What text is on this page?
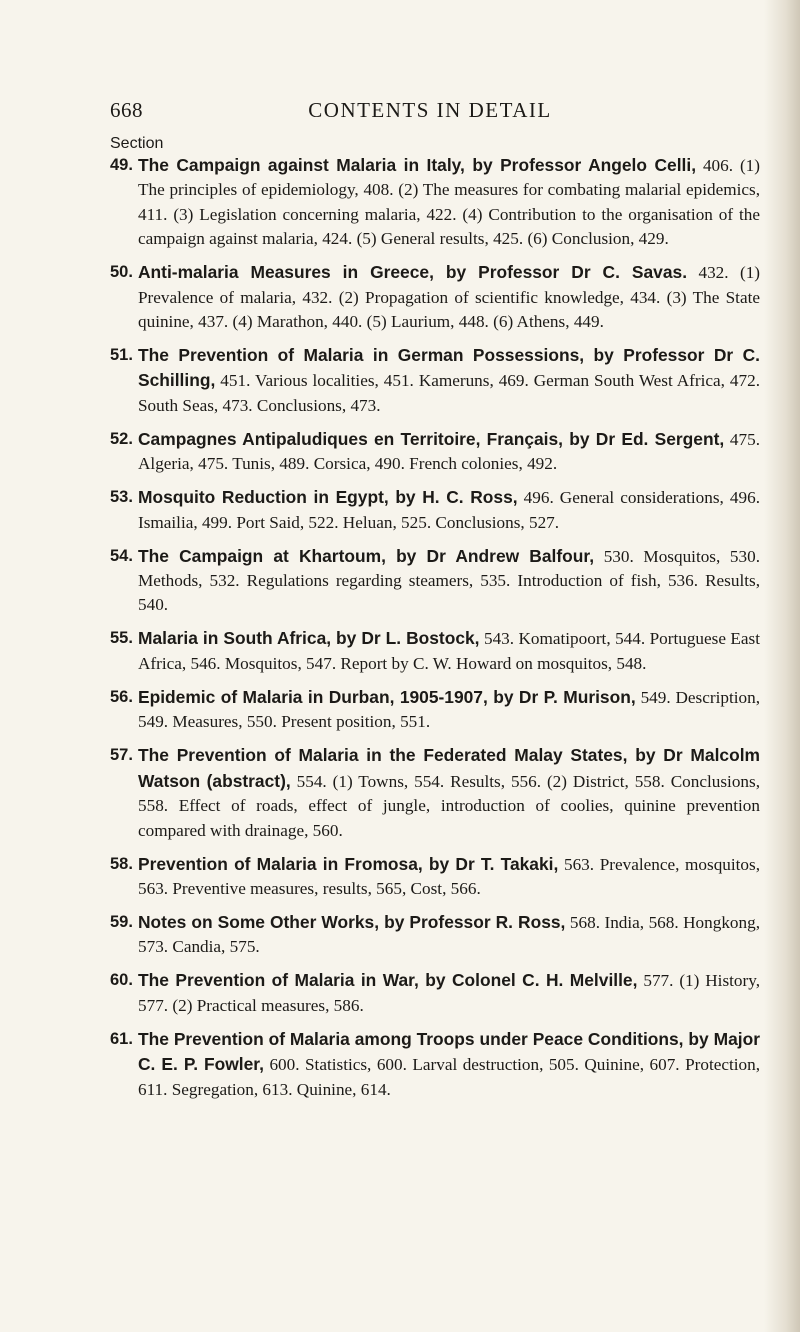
668	CONTENTS IN DETAIL
Section
49. The Campaign against Malaria in Italy, by Professor Angelo Celli, 406. (1) The principles of epidemiology, 408. (2) The measures for combating malarial epidemics, 411. (3) Legislation concerning malaria, 422. (4) Contribution to the organisation of the campaign against malaria, 424. (5) General results, 425. (6) Conclusion, 429.
50. Anti-malaria Measures in Greece, by Professor Dr C. Savas. 432. (1) Prevalence of malaria, 432. (2) Propagation of scientific knowledge, 434. (3) The State quinine, 437. (4) Marathon, 440. (5) Laurium, 448. (6) Athens, 449.
51. The Prevention of Malaria in German Possessions, by Professor Dr C. Schilling, 451. Various localities, 451. Kameruns, 469. German South West Africa, 472. South Seas, 473. Conclusions, 473.
52. Campagnes Antipaludiques en Territoire, Français, by Dr Ed. Sergent, 475. Algeria, 475. Tunis, 489. Corsica, 490. French colonies, 492.
53. Mosquito Reduction in Egypt, by H. C. Ross, 496. General considerations, 496. Ismailia, 499. Port Said, 522. Heluan, 525. Conclusions, 527.
54. The Campaign at Khartoum, by Dr Andrew Balfour, 530. Mosquitos, 530. Methods, 532. Regulations regarding steamers, 535. Introduction of fish, 536. Results, 540.
55. Malaria in South Africa, by Dr L. Bostock, 543. Komatipoort, 544. Portuguese East Africa, 546. Mosquitos, 547. Report by C. W. Howard on mosquitos, 548.
56. Epidemic of Malaria in Durban, 1905-1907, by Dr P. Murison, 549. Description, 549. Measures, 550. Present position, 551.
57. The Prevention of Malaria in the Federated Malay States, by Dr Malcolm Watson (abstract), 554. (1) Towns, 554. Results, 556. (2) District, 558. Conclusions, 558. Effect of roads, effect of jungle, introduction of coolies, quinine prevention compared with drainage, 560.
58. Prevention of Malaria in Fromosa, by Dr T. Takaki, 563. Prevalence, mosquitos, 563. Preventive measures, results, 565, Cost, 566.
59. Notes on Some Other Works, by Professor R. Ross, 568. India, 568. Hongkong, 573. Candia, 575.
60. The Prevention of Malaria in War, by Colonel C. H. Melville, 577. (1) History, 577. (2) Practical measures, 586.
61. The Prevention of Malaria among Troops under Peace Conditions, by Major C. E. P. Fowler, 600. Statistics, 600. Larval destruction, 505. Quinine, 607. Protection, 611. Segregation, 613. Quinine, 614.
